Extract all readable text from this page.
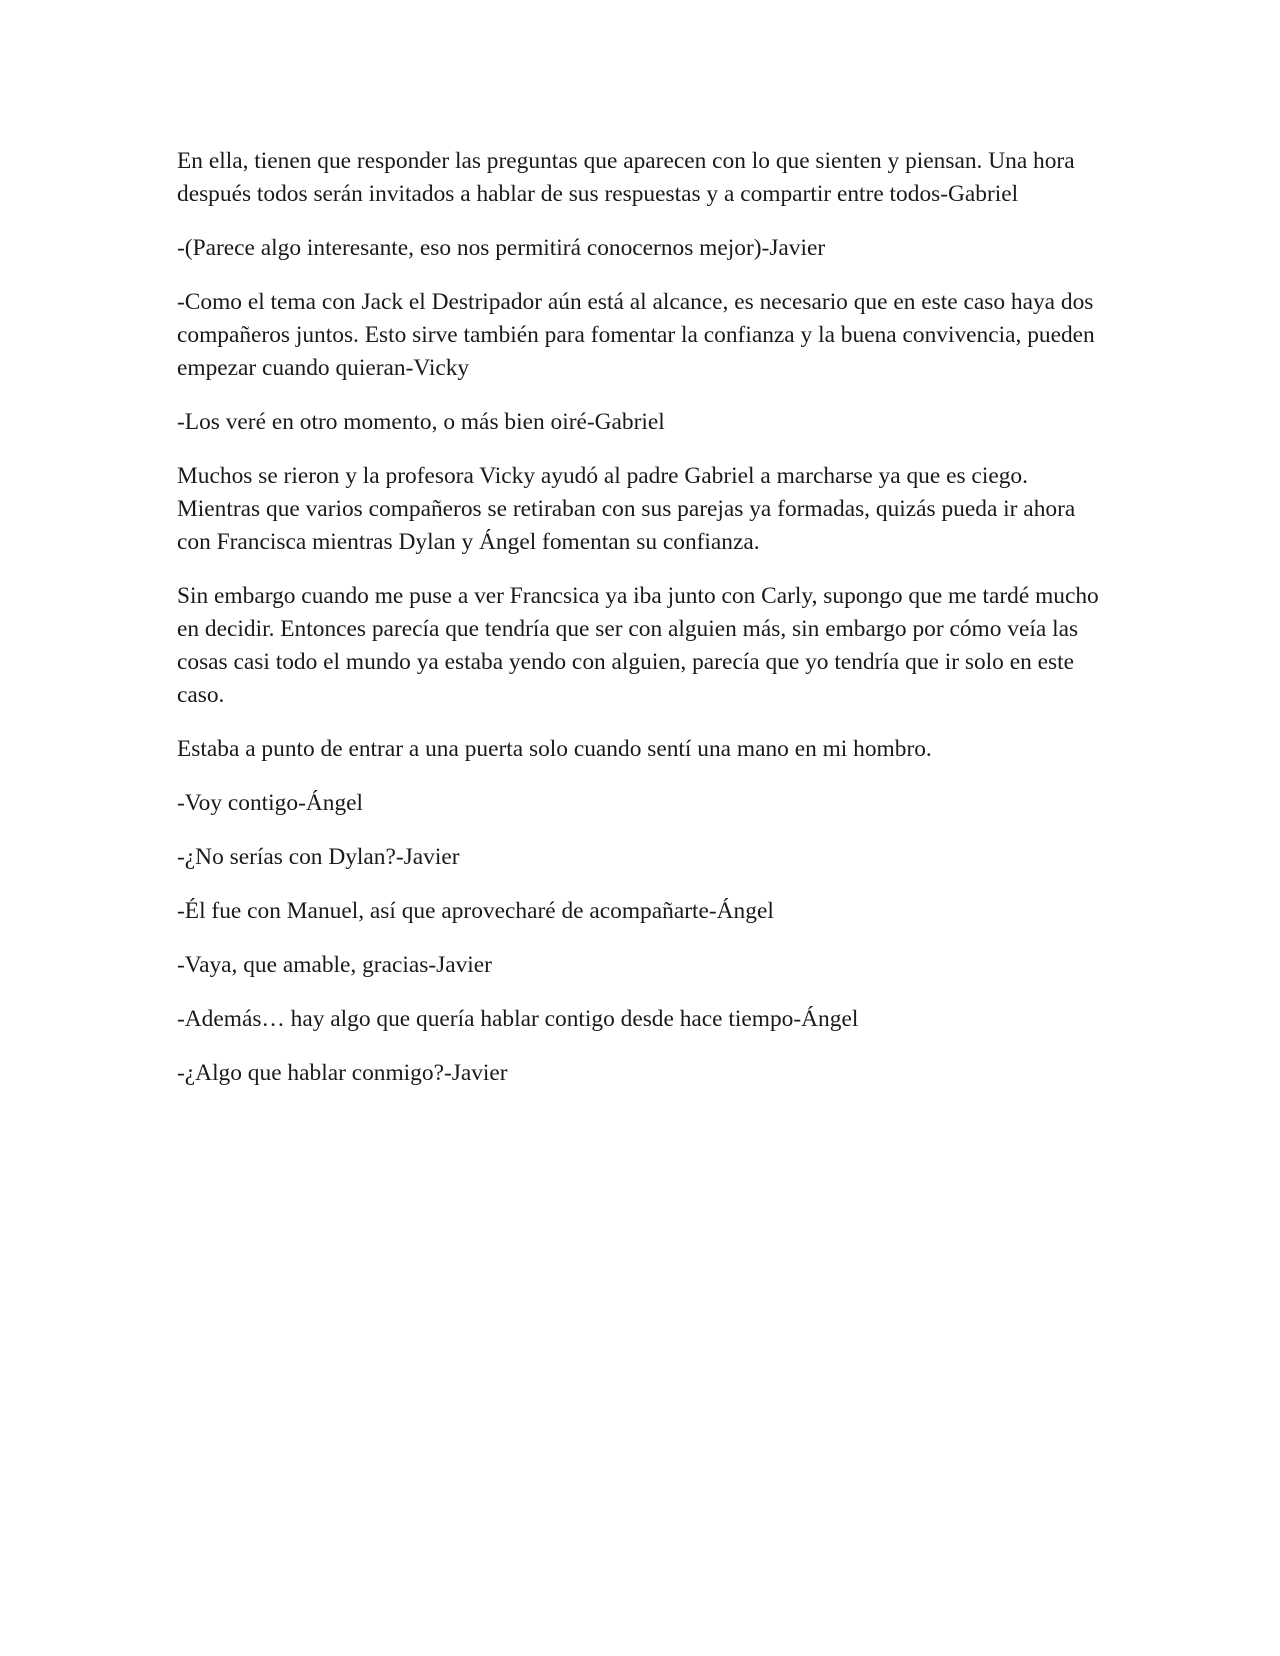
En ella, tienen que responder las preguntas que aparecen con lo que sienten y piensan. Una hora después todos serán invitados a hablar de sus respuestas y a compartir entre todos-Gabriel

-(Parece algo interesante, eso nos permitirá conocernos mejor)-Javier

-Como el tema con Jack el Destripador aún está al alcance, es necesario que en este caso haya dos compañeros juntos. Esto sirve también para fomentar la confianza y la buena convivencia, pueden empezar cuando quieran-Vicky

-Los veré en otro momento, o más bien oiré-Gabriel

Muchos se rieron y la profesora Vicky ayudó al padre Gabriel a marcharse ya que es ciego. Mientras que varios compañeros se retiraban con sus parejas ya formadas, quizás pueda ir ahora con Francisca mientras Dylan y Ángel fomentan su confianza.

Sin embargo cuando me puse a ver Francsica ya iba junto con Carly, supongo que me tardé mucho en decidir. Entonces parecía que tendría que ser con alguien más, sin embargo por cómo veía las cosas casi todo el mundo ya estaba yendo con alguien, parecía que yo tendría que ir solo en este caso.

Estaba a punto de entrar a una puerta solo cuando sentí una mano en mi hombro.

-Voy contigo-Ángel

-¿No serías con Dylan?-Javier

-Él fue con Manuel, así que aprovecharé de acompañarte-Ángel

-Vaya, que amable, gracias-Javier

-Además… hay algo que quería hablar contigo desde hace tiempo-Ángel

-¿Algo que hablar conmigo?-Javier
